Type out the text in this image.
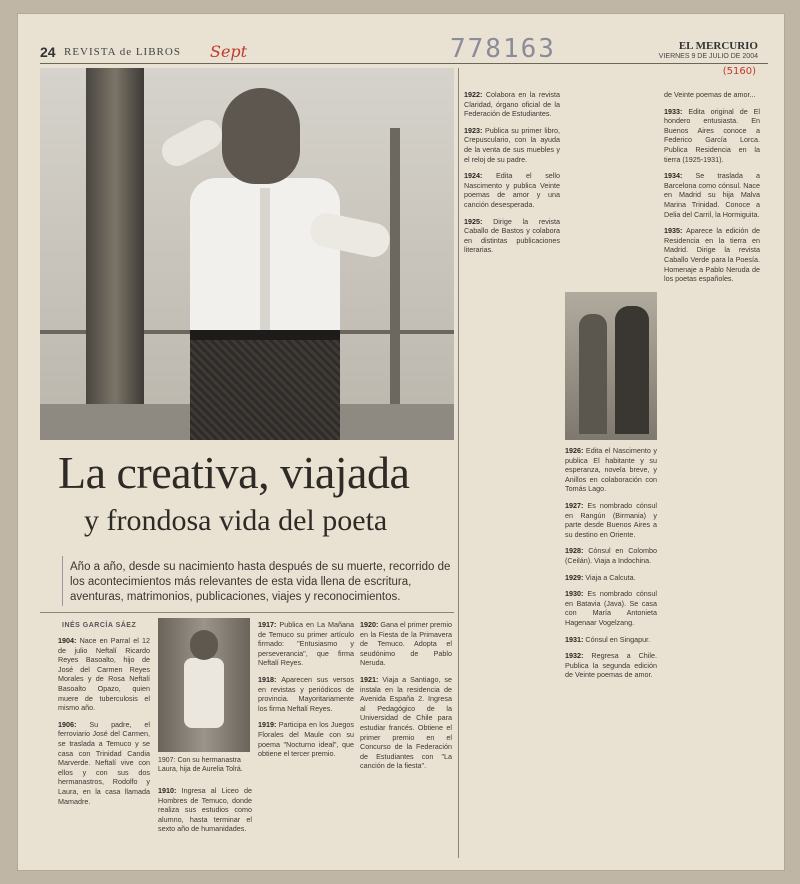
24 REVISTA de LIBROS Sept	778163	EL MERCURIO
VIERNES 9 DE JULIO DE 2004
(5160)
La creativa, viajada
y frondosa vida del poeta
Año a año, desde su nacimiento hasta después de su muerte, recorrido de los acontecimientos más relevantes de esta vida llena de escritura, aventuras, matrimonios, publicaciones, viajes y reconocimientos.
INÉS GARCÍA SÁEZ
1904: Nace en Parral el 12 de julio Neftalí Ricardo Reyes Basoalto, hijo de José del Carmen Reyes Morales y de Rosa Neftalí Basoalto Opazo, quien muere de tuberculosis el mismo año.
1906: Su padre, el ferroviario José del Carmen, se traslada a Temuco y se casa con Trinidad Candia Marverde. Neftalí vive con ellos y con sus dos hermanastros, Rodolfo y Laura, en la casa llamada Mamadre.
1907: Con su hermanastra Laura, hija de Aurelia Tolrá.
1910: Ingresa al Liceo de Hombres de Temuco, donde realiza sus estudios como alumno, hasta terminar el sexto año de humanidades.
1917: Publica en La Mañana de Temuco su primer artículo firmado: "Entusiasmo y perseverancia", que firma Neftalí Reyes.
1918: Aparecen sus versos en revistas y periódicos de provincia. Mayoritariamente los firma Neftalí Reyes.
1919: Participa en los Juegos Florales del Maule con su poema "Nocturno ideal", que obtiene el tercer premio.
1920: Gana el primer premio en la Fiesta de la Primavera de Temuco. Adopta el seudónimo de Pablo Neruda.
1921: Viaja a Santiago, se instala en la residencia de Avenida España 2. Ingresa al Pedagógico de la Universidad de Chile para estudiar francés. Obtiene el primer premio en el Concurso de la Federación de Estudiantes con "La canción de la fiesta".
1922: Colabora en la revista Claridad, órgano oficial de la Federación de Estudiantes.
1923: Publica su primer libro, Crepusculario, con la ayuda de la venta de sus muebles y el reloj de su padre.
1924: Edita el sello Nascimento y publica Veinte poemas de amor y una canción desesperada.
1925: Dirige la revista Caballo de Bastos y colabora en distintas publicaciones literarias.
1926: Edita el Nascimento y publica El habitante y su esperanza, novela breve, y Anillos en colaboración con Tomás Lago.
1927: Es nombrado cónsul en Rangún (Birmania) y parte desde Buenos Aires a su destino en Oriente.
1928: Cónsul en Colombo (Ceilán). Viaja a Indochina.
1929: Viaja a Calcuta.
1930: Es nombrado cónsul en Batavia (Java). Se casa con María Antonieta Hagenaar Vogelzang.
1931: Cónsul en Singapur.
1932: Regresa a Chile. Publica la segunda edición de Veinte poemas de amor.
de Veinte poemas de amor...
1933: Edita original de El hondero entusiasta. En Buenos Aires conoce a Federico García Lorca. Publica Residencia en la tierra (1925-1931).
1934: Se traslada a Barcelona como cónsul. Nace en Madrid su hija Malva Marina Trinidad. Conoce a Delia del Carril, la Hormiguita.
1935: Aparece la edición de Residencia en la tierra en Madrid. Dirige la revista Caballo Verde para la Poesía. Homenaje a Pablo Neruda de los poetas españoles.
